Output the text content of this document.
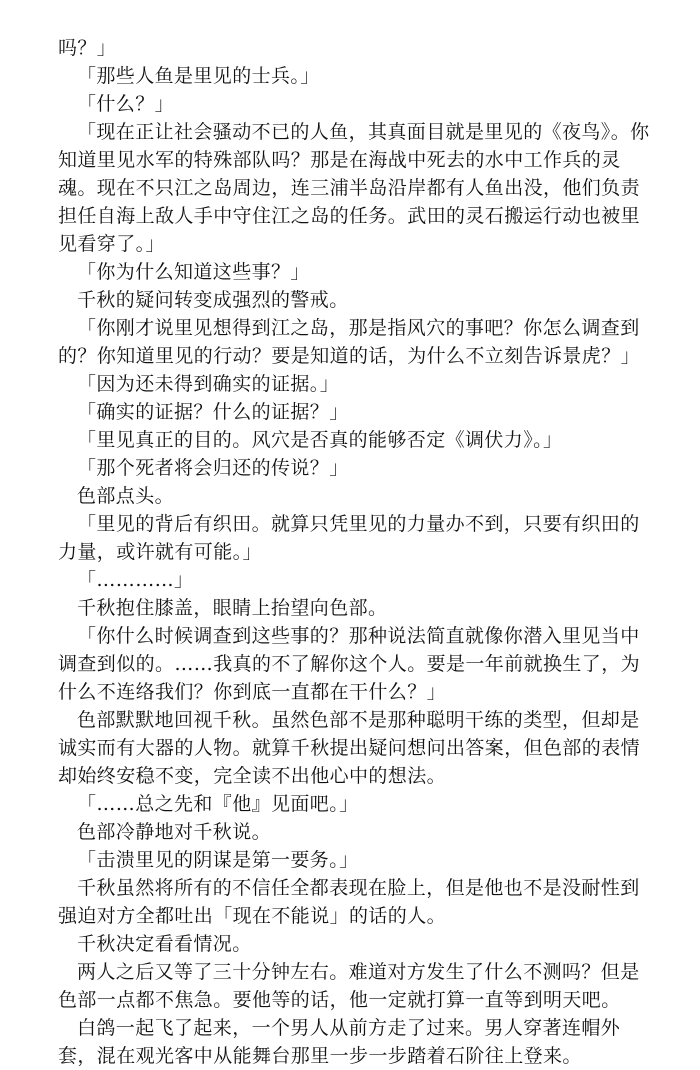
吗？」

「那些人鱼是里见的士兵。」

「什么？」

「现在正让社会骚动不已的人鱼，其真面目就是里见的《夜鸟》。你知道里见水军的特殊部队吗？那是在海战中死去的水中工作兵的灵魂。现在不只江之岛周边，连三浦半岛沿岸都有人鱼出没，他们负责担任自海上敌人手中守住江之岛的任务。武田的灵石搬运行动也被里见看穿了。」

「你为什么知道这些事？」

千秋的疑问转变成强烈的警戒。

「你刚才说里见想得到江之岛，那是指风穴的事吧？你怎么调查到的？你知道里见的行动？要是知道的话，为什么不立刻告诉景虎？」

「因为还未得到确实的证据。」

「确实的证据？什么的证据？」

「里见真正的目的。风穴是否真的能够否定《调伏力》。」

「那个死者将会归还的传说？」

色部点头。

「里见的背后有织田。就算只凭里见的力量办不到，只要有织田的力量，或许就有可能。」

「…………」

千秋抱住膝盖，眼睛上抬望向色部。

「你什么时候调查到这些事的？那种说法简直就像你潜入里见当中调查到似的。……我真的不了解你这个人。要是一年前就换生了，为什么不连络我们？你到底一直都在干什么？」

色部默默地回视千秋。虽然色部不是那种聪明干练的类型，但却是诚实而有大器的人物。就算千秋提出疑问想问出答案，但色部的表情却始终安稳不变，完全读不出他心中的想法。

「……总之先和『他』见面吧。」

色部冷静地对千秋说。

「击溃里见的阴谋是第一要务。」

千秋虽然将所有的不信任全都表现在脸上，但是他也不是没耐性到强迫对方全都吐出「现在不能说」的话的人。

千秋决定看看情况。

两人之后又等了三十分钟左右。难道对方发生了什么不测吗？但是色部一点都不焦急。要他等的话，他一定就打算一直等到明天吧。

白鸽一起飞了起来，一个男人从前方走了过来。男人穿著连帽外套，混在观光客中从能舞台那里一步一步踏着石阶往上登来。
